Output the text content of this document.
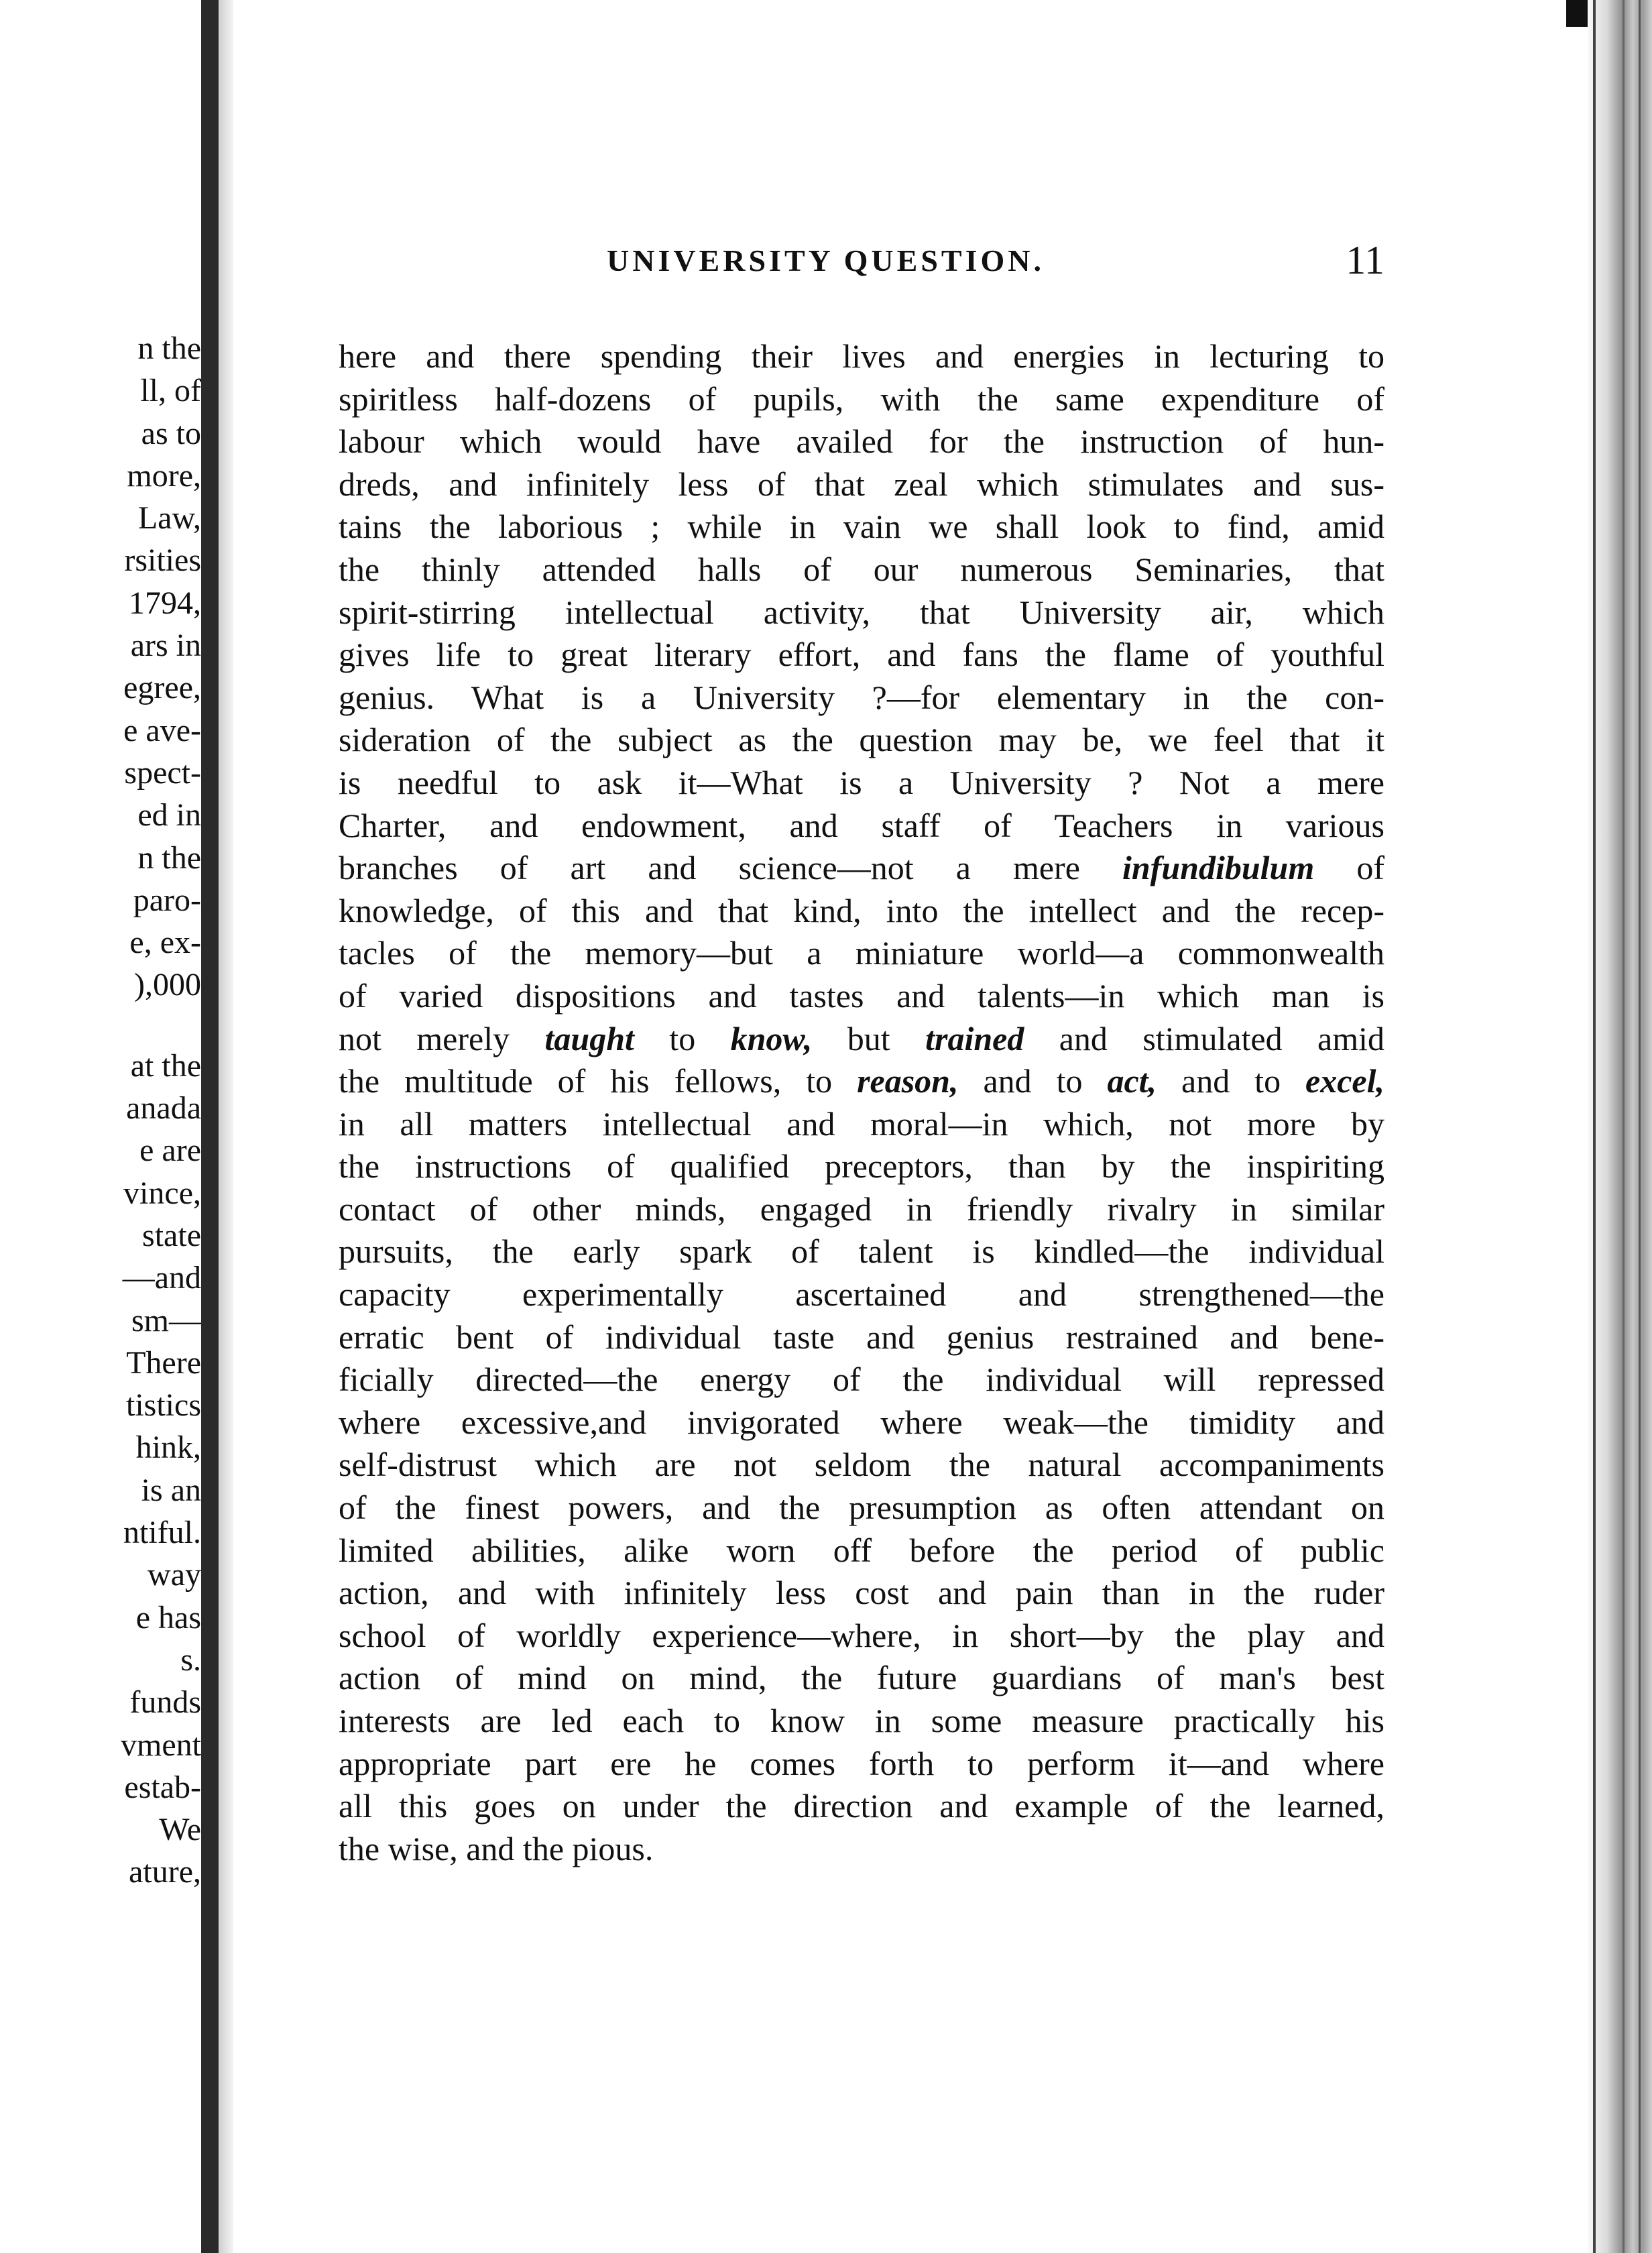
n the
ll, of
as to
more,
Law,
rsities
1794,
ars in
egree,
e ave-
spect-
ed in
n the
paro-
e, ex-
),000
at the
anada
e are
vince,
state
—and
sm—
There
tistics
hink,
is an
ntiful.
way
e has
s.
funds
vment
estab-
We
ature,
UNIVERSITY QUESTION.	11
here and there spending their lives and energies in lecturing to
spiritless half-dozens of pupils, with the same expenditure of
labour which would have availed for the instruction of hun-
dreds, and infinitely less of that zeal which stimulates and sus-
tains the laborious ; while in vain we shall look to find, amid
the thinly attended halls of our numerous Seminaries, that
spirit-stirring intellectual activity, that University air, which
gives life to great literary effort, and fans the flame of youthful
genius. What is a University ?—for elementary in the con-
sideration of the subject as the question may be, we feel that it
is needful to ask it—What is a University ? Not a mere
Charter, and endowment, and staff of Teachers in various
branches of art and science—not a mere infundibulum of
knowledge, of this and that kind, into the intellect and the recep-
tacles of the memory—but a miniature world—a commonwealth
of varied dispositions and tastes and talents—in which man is
not merely taught to know, but trained and stimulated amid
the multitude of his fellows, to reason, and to act, and to excel,
in all matters intellectual and moral—in which, not more by
the instructions of qualified preceptors, than by the inspiriting
contact of other minds, engaged in friendly rivalry in similar
pursuits, the early spark of talent is kindled—the individual
capacity experimentally ascertained and strengthened—the
erratic bent of individual taste and genius restrained and bene-
ficially directed—the energy of the individual will repressed
where excessive,and invigorated where weak—the timidity and
self-distrust which are not seldom the natural accompaniments
of the finest powers, and the presumption as often attendant on
limited abilities, alike worn off before the period of public
action, and with infinitely less cost and pain than in the ruder
school of worldly experience—where, in short—by the play and
action of mind on mind, the future guardians of man's best
interests are led each to know in some measure practically his
appropriate part ere he comes forth to perform it—and where
all this goes on under the direction and example of the learned,
the wise, and the pious.
